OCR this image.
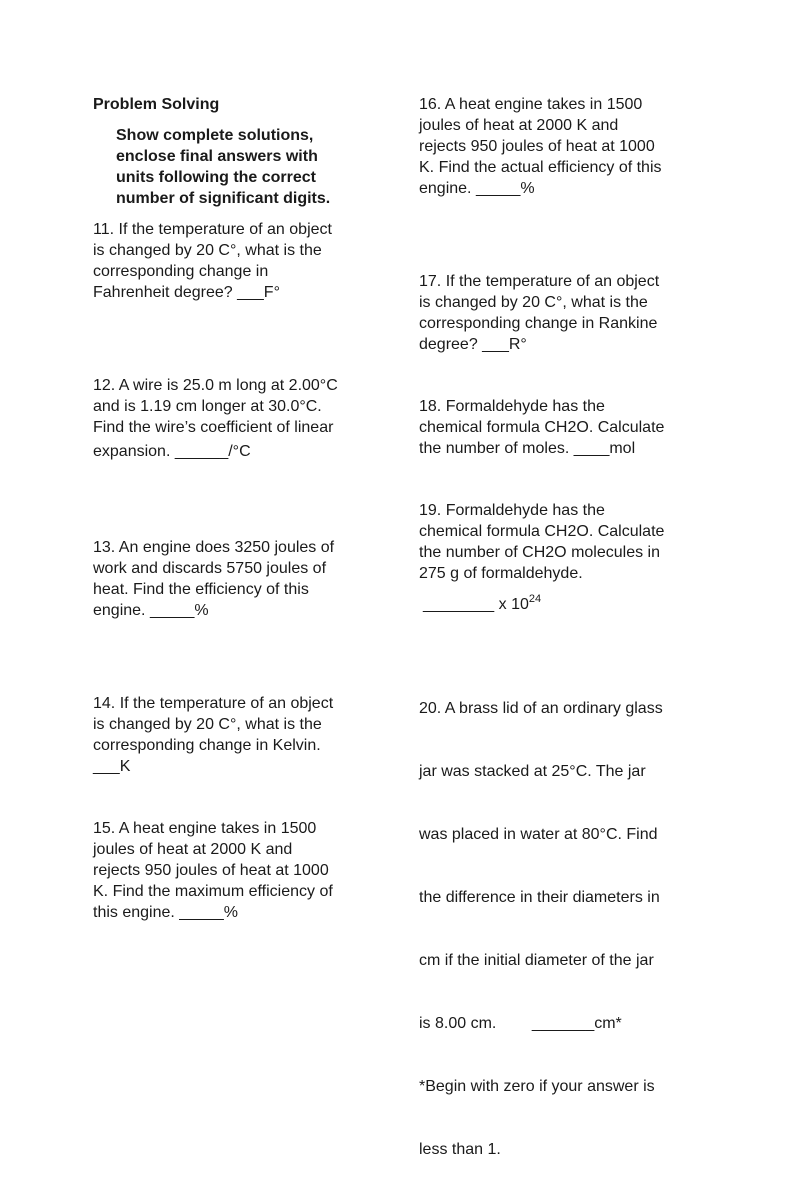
Problem Solving
Show complete solutions,
enclose final answers with
units following the correct
number of significant digits.
11. If the temperature of an object
is changed by 20 C°, what is the
corresponding change in
Fahrenheit degree? ___F°
12. A wire is 25.0 m long at 2.00°C
and is 1.19 cm longer at 30.0°C.
Find the wire’s coefficient of linear
expansion. ______/°C
13. An engine does 3250 joules of
work and discards 5750 joules of
heat. Find the efficiency of this
engine. _____%
14. If the temperature of an object
is changed by 20 C°, what is the
corresponding change in Kelvin.
___K
15. A heat engine takes in 1500
joules of heat at 2000 K and
rejects 950 joules of heat at 1000
K. Find the maximum efficiency of
this engine. _____%
16. A heat engine takes in 1500
joules of heat at 2000 K and
rejects 950 joules of heat at 1000
K. Find the actual efficiency of this
engine. _____%
17. If the temperature of an object
is changed by 20 C°, what is the
corresponding change in Rankine
degree? ___R°
18. Formaldehyde has the
chemical formula CH2O. Calculate
the number of moles. ____mol
19. Formaldehyde has the
chemical formula CH2O. Calculate
the number of CH2O molecules in
275 g of formaldehyde.
________ x $10^{24}$

20. A brass lid of an ordinary glass

jar was stacked at 25°C. The jar

was placed in water at 80°C. Find

the difference in their diameters in

cm if the initial diameter of the jar

is 8.00 cm.        _______cm*

*Begin with zero if your answer is

less than 1.
